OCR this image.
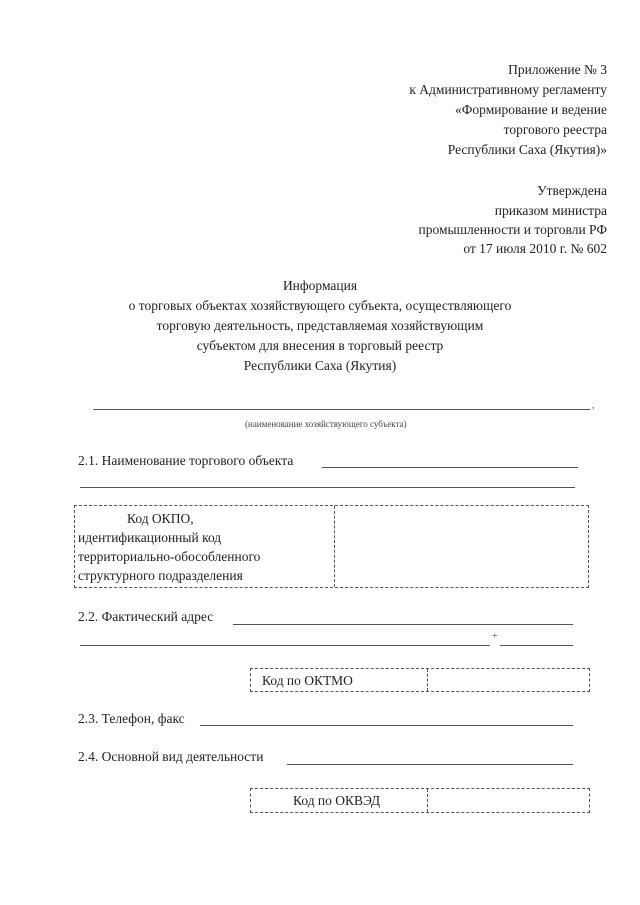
Приложение № 3
к Административному регламенту
«Формирование и ведение
торгового реестра
Республики Саха (Якутия)»
Утверждена
приказом министра
промышленности и торговли РФ
от 17 июля 2010 г. № 602
Информация
о торговых объектах хозяйствующего субъекта, осуществляющего
торговую деятельность, представляемая хозяйствующим
субъектом для внесения в торговый реестр
Республики Саха (Якутия)
,
(наименование хозяйствующего субъекта)
2.1. Наименование торгового объекта
Код ОКПО,
идентификационный код
территориально-обособленного
структурного подразделения
2.2. Фактический адрес
+
Код по ОКТМО
2.3. Телефон, факс
2.4. Основной вид деятельности
Код по ОКВЭД
